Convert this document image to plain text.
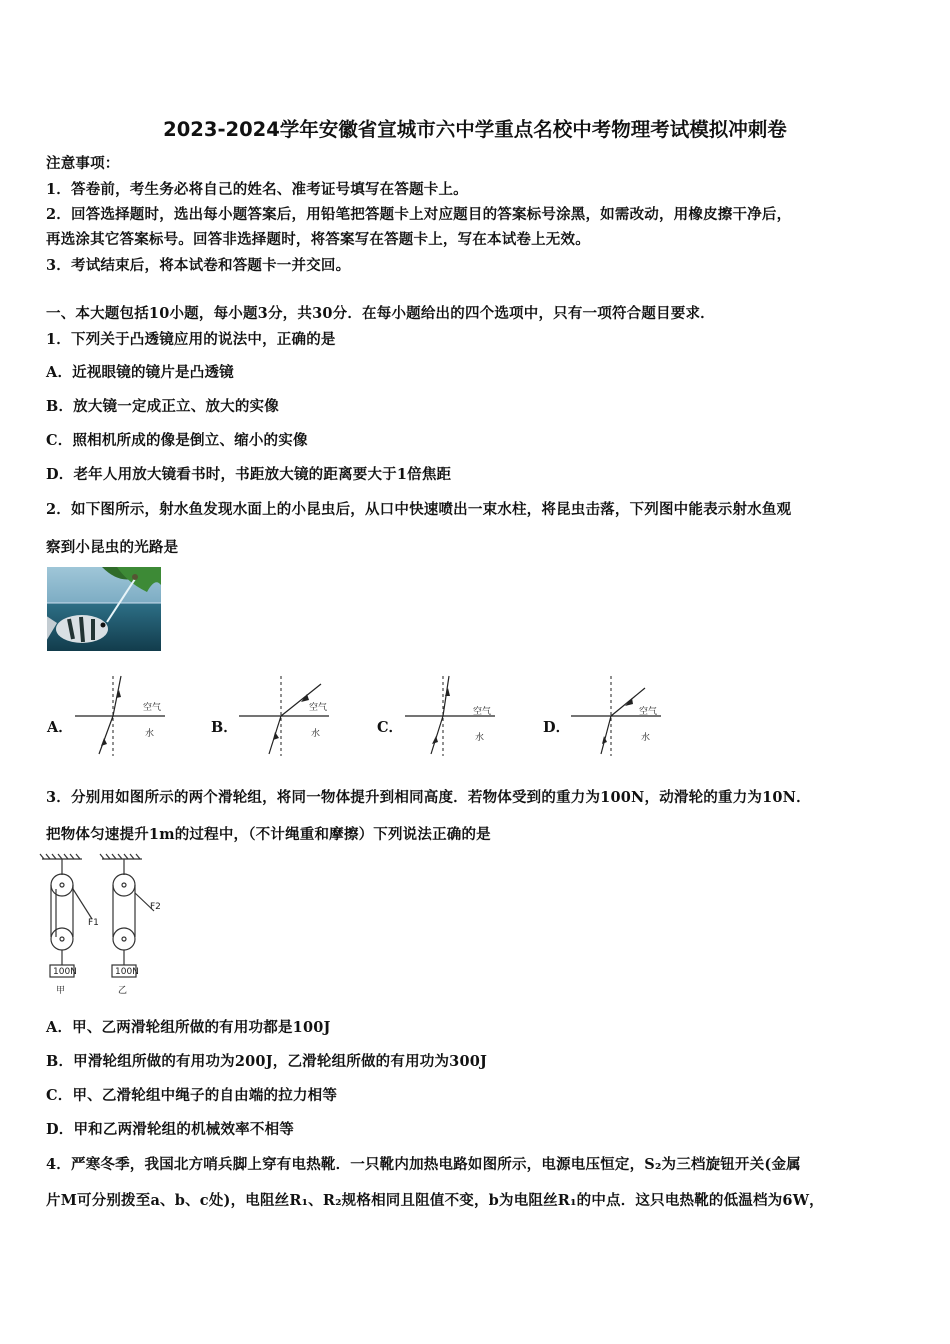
2023-2024学年安徽省宣城市六中学重点名校中考物理考试模拟冲刺卷
注意事项：
1．答卷前，考生务必将自己的姓名、准考证号填写在答题卡上。
2．回答选择题时，选出每小题答案后，用铅笔把答题卡上对应题目的答案标号涂黑，如需改动，用橡皮擦干净后，
再选涂其它答案标号。回答非选择题时，将答案写在答题卡上，写在本试卷上无效。
3．考试结束后，将本试卷和答题卡一并交回。
一、本大题包括10小题，每小题3分，共30分．在每小题给出的四个选项中，只有一项符合题目要求．
1．下列关于凸透镜应用的说法中，正确的是
A．近视眼镜的镜片是凸透镜
B．放大镜一定成正立、放大的实像
C．照相机所成的像是倒立、缩小的实像
D．老年人用放大镜看书时，书距放大镜的距离要大于1倍焦距
2．如下图所示，射水鱼发现水面上的小昆虫后，从口中快速喷出一束水柱，将昆虫击落，下列图中能表示射水鱼观
察到小昆虫的光路是
A．
空气
水	B．
空气
水	C．
空气
水
D．
空气
水
3．分别用如图所示的两个滑轮组，将同一物体提升到相同高度．若物体受到的重力为100N，动滑轮的重力为10N．
把物体匀速提升1m的过程中，（不计绳重和摩擦）下列说法正确的是
F1
F2
100N	100N
甲	乙
A．甲、乙两滑轮组所做的有用功都是100J
B．甲滑轮组所做的有用功为200J，乙滑轮组所做的有用功为300J
C．甲、乙滑轮组中绳子的自由端的拉力相等
D．甲和乙两滑轮组的机械效率不相等
4．严寒冬季，我国北方哨兵脚上穿有电热靴．一只靴内加热电路如图所示，电源电压恒定，S₂为三档旋钮开关(金属
片M可分别拨至a、b、c处)，电阻丝R₁、R₂规格相同且阻值不变，b为电阻丝R₁的中点．这只电热靴的低温档为6W，
